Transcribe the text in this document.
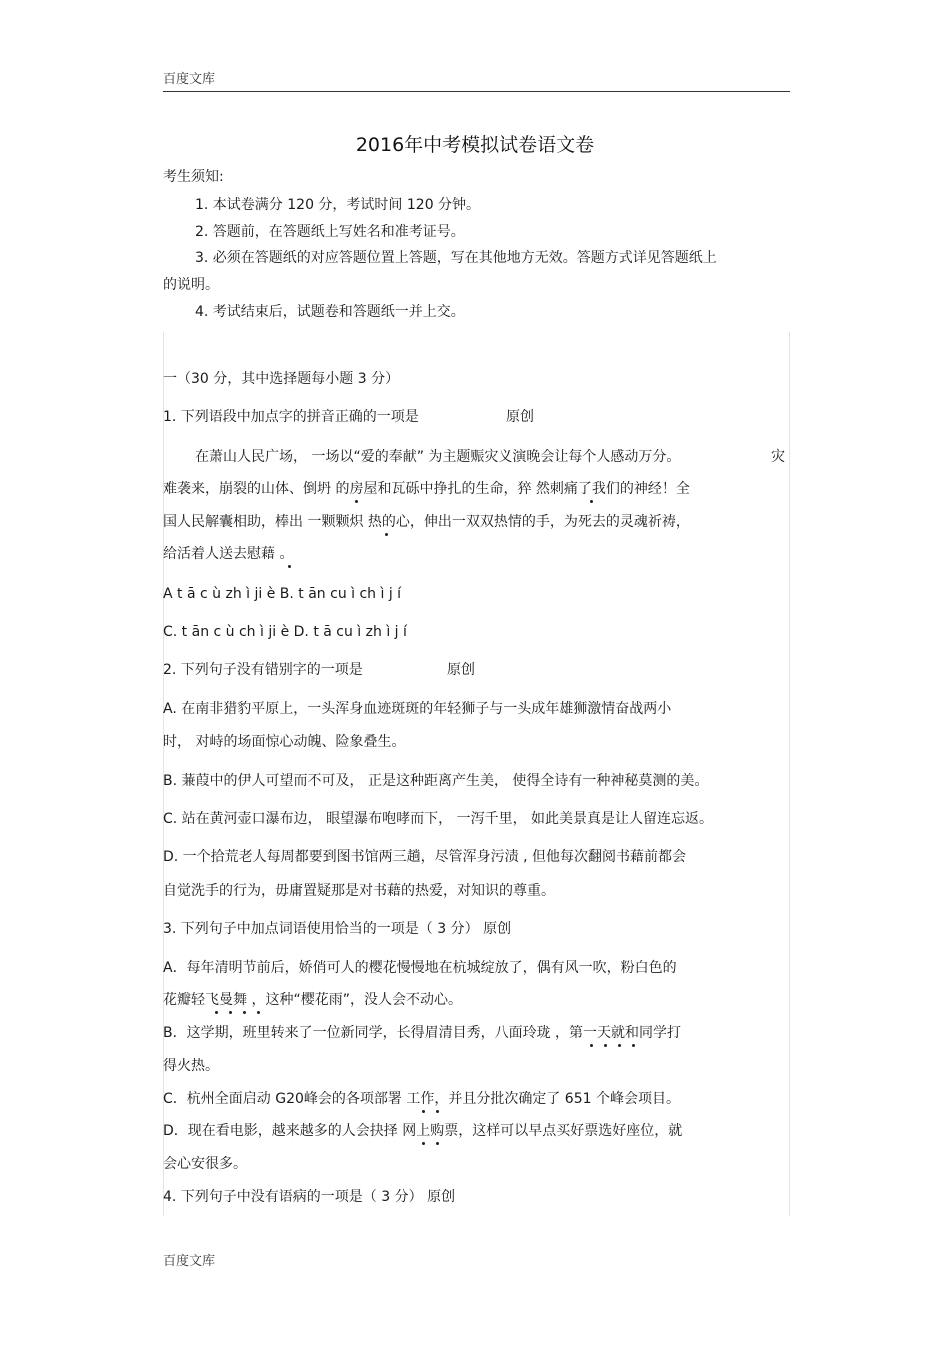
百度文库
2016年中考模拟试卷语文卷
考生须知:
1. 本试卷满分 120 分，考试时间 120 分钟。
2. 答题前，在答题纸上写姓名和准考证号。
3. 必须在答题纸的对应答题位置上答题，写在其他地方无效。答题方式详见答题纸上
的说明。
4. 考试结束后，试题卷和答题纸一并上交。
一（30 分，其中选择题每小题 3 分）
1. 下列语段中加点字的拼音正确的一项是	原创
在萧山人民广场， 一场以“爱的奉献” 为主题赈灾义演晚会让每个人感动万分。	灾
难袭来，崩裂的山体、倒坍 的房屋和瓦砾中挣扎的生命，猝 然刺痛了我们的神经！全
国人民解囊相助，棒出 一颗颗炽 热的心，伸出一双双热情的手，为死去的灵魂祈祷，
给活着人送去慰藉 。
A t ā c ù zh ì ji è B. t ān cu ì ch ì j í
C. t ān c ù ch ì ji è D. t ā cu ì zh ì j í
2. 下列句子没有错别字的一项是	原创
A. 在南非猎豹平原上，一头浑身血迹斑斑的年轻狮子与一头成年雄狮激情奋战两小
时， 对峙的场面惊心动魄、险象叠生。
B. 蒹葭中的伊人可望而不可及， 正是这种距离产生美， 使得全诗有一种神秘莫测的美。
C. 站在黄河壶口瀑布边， 眼望瀑布咆哮而下， 一泻千里， 如此美景真是让人留连忘返。
D. 一个拾荒老人每周都要到图书馆两三趟，尽管浑身污渍 , 但他每次翻阅书藉前都会
自觉洗手的行为，毋庸置疑那是对书藉的热爱，对知识的尊重。
3. 下列句子中加点词语使用恰当的一项是（ 3 分） 原创
A．每年清明节前后，娇俏可人的樱花慢慢地在杭城绽放了，偶有风一吹，粉白色的
花瓣轻飞曼舞 ，这种“樱花雨”，没人会不动心。
B．这学期，班里转来了一位新同学，长得眉清目秀，八面玲珑 ，第一天就和同学打
得火热。
C．杭州全面启动 G20峰会的各项部署 工作，并且分批次确定了 651 个峰会项目。
D．现在看电影，越来越多的人会抉择 网上购票，这样可以早点买好票选好座位，就
会心安很多。
4. 下列句子中没有语病的一项是（ 3 分） 原创
百度文库
